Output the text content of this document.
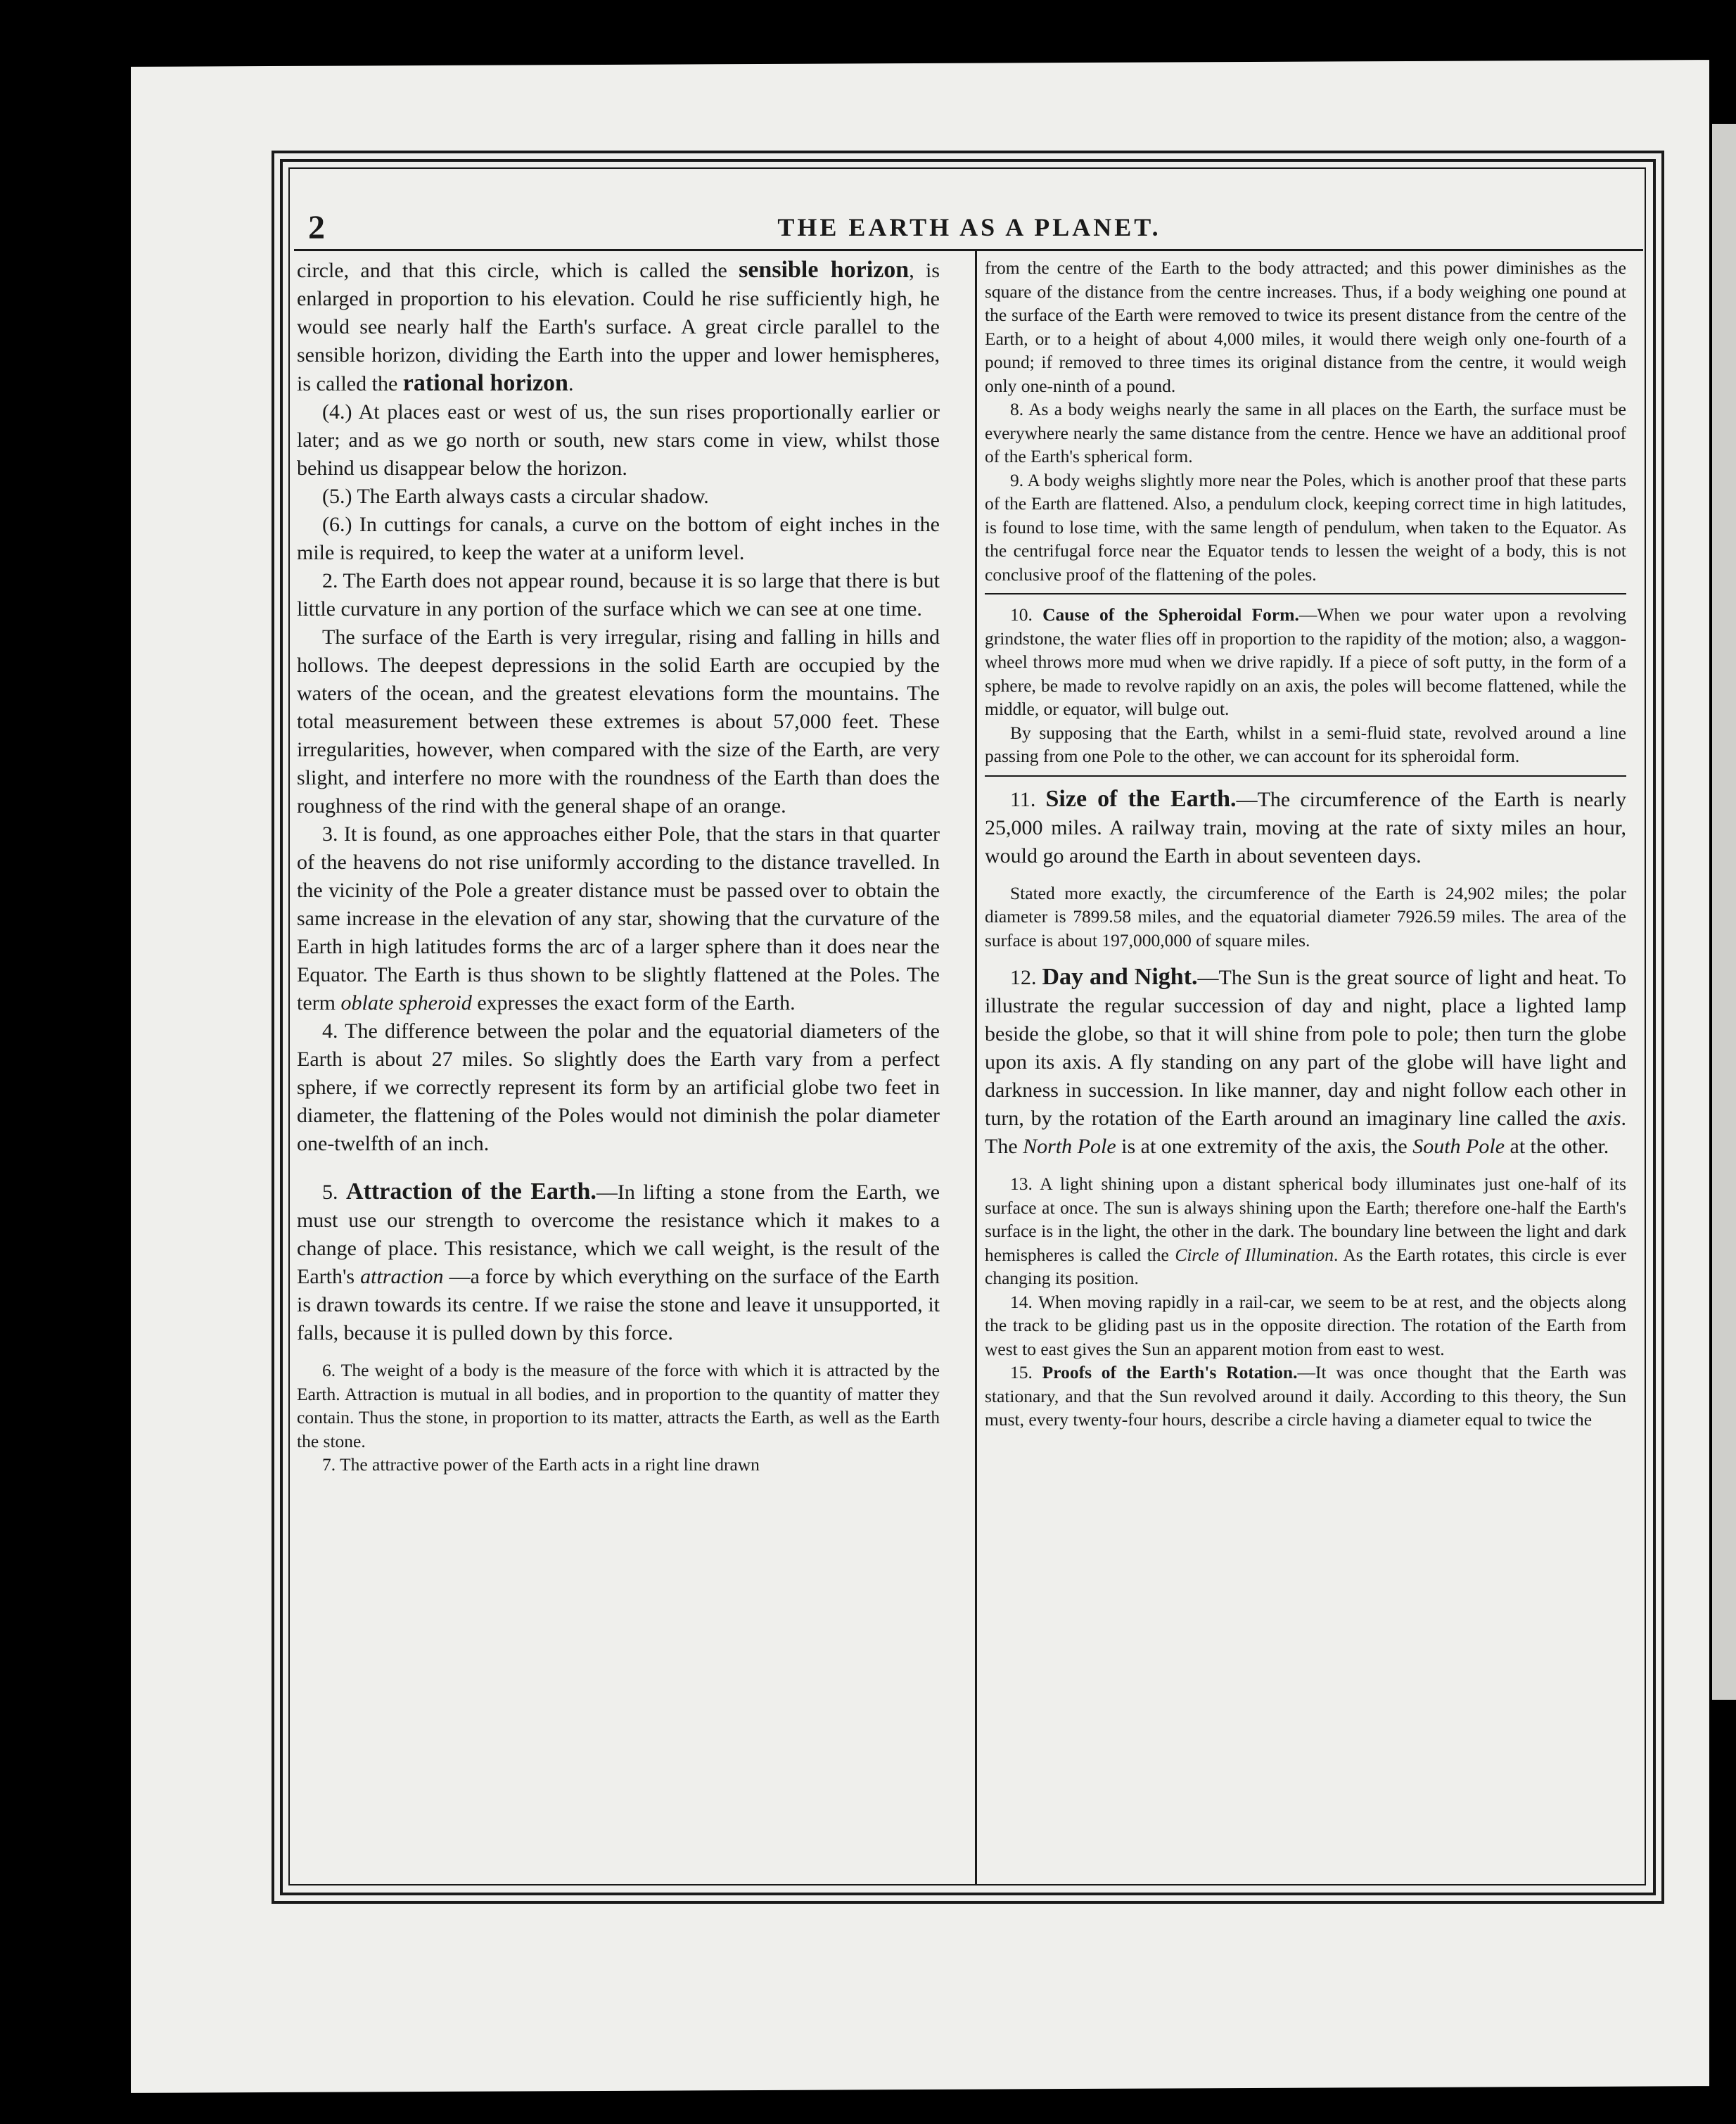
2	THE EARTH AS A PLANET.

circle, and that this circle, which is called the sensible horizon, is enlarged in proportion to his elevation. Could he rise sufficiently high, he would see nearly half the Earth's surface. A great circle parallel to the sensible horizon, dividing the Earth into the upper and lower hemispheres, is called the rational horizon.

(4.) At places east or west of us, the sun rises proportionally earlier or later; and as we go north or south, new stars come in view, whilst those behind us disappear below the horizon.

(5.) The Earth always casts a circular shadow.

(6.) In cuttings for canals, a curve on the bottom of eight inches in the mile is required, to keep the water at a uniform level.

2. The Earth does not appear round, because it is so large that there is but little curvature in any portion of the surface which we can see at one time.

The surface of the Earth is very irregular, rising and falling in hills and hollows. The deepest depressions in the solid Earth are occupied by the waters of the ocean, and the greatest elevations form the mountains. The total measurement between these extremes is about 57,000 feet. These irregularities, however, when compared with the size of the Earth, are very slight, and interfere no more with the roundness of the Earth than does the roughness of the rind with the general shape of an orange.

3. It is found, as one approaches either Pole, that the stars in that quarter of the heavens do not rise uniformly according to the distance travelled. In the vicinity of the Pole a greater distance must be passed over to obtain the same increase in the elevation of any star, showing that the curvature of the Earth in high latitudes forms the arc of a larger sphere than it does near the Equator. The Earth is thus shown to be slightly flattened at the Poles. The term oblate spheroid expresses the exact form of the Earth.

4. The difference between the polar and the equatorial diameters of the Earth is about 27 miles. So slightly does the Earth vary from a perfect sphere, if we correctly represent its form by an artificial globe two feet in diameter, the flattening of the Poles would not diminish the polar diameter one-twelfth of an inch.

5. Attraction of the Earth.—In lifting a stone from the Earth, we must use our strength to overcome the resistance which it makes to a change of place. This resistance, which we call weight, is the result of the Earth's attraction —a force by which everything on the surface of the Earth is drawn towards its centre. If we raise the stone and leave it unsupported, it falls, because it is pulled down by this force.

6. The weight of a body is the measure of the force with which it is attracted by the Earth. Attraction is mutual in all bodies, and in proportion to the quantity of matter they contain. Thus the stone, in proportion to its matter, attracts the Earth, as well as the Earth the stone.

7. The attractive power of the Earth acts in a right line drawn

from the centre of the Earth to the body attracted; and this power diminishes as the square of the distance from the centre increases. Thus, if a body weighing one pound at the surface of the Earth were removed to twice its present distance from the centre of the Earth, or to a height of about 4,000 miles, it would there weigh only one-fourth of a pound; if removed to three times its original distance from the centre, it would weigh only one-ninth of a pound.

8. As a body weighs nearly the same in all places on the Earth, the surface must be everywhere nearly the same distance from the centre. Hence we have an additional proof of the Earth's spherical form.

9. A body weighs slightly more near the Poles, which is another proof that these parts of the Earth are flattened. Also, a pendulum clock, keeping correct time in high latitudes, is found to lose time, with the same length of pendulum, when taken to the Equator. As the centrifugal force near the Equator tends to lessen the weight of a body, this is not conclusive proof of the flattening of the poles.

10. Cause of the Spheroidal Form.—When we pour water upon a revolving grindstone, the water flies off in proportion to the rapidity of the motion; also, a waggon-wheel throws more mud when we drive rapidly. If a piece of soft putty, in the form of a sphere, be made to revolve rapidly on an axis, the poles will become flattened, while the middle, or equator, will bulge out.

By supposing that the Earth, whilst in a semi-fluid state, revolved around a line passing from one Pole to the other, we can account for its spheroidal form.

11. Size of the Earth.—The circumference of the Earth is nearly 25,000 miles. A railway train, moving at the rate of sixty miles an hour, would go around the Earth in about seventeen days.

Stated more exactly, the circumference of the Earth is 24,902 miles; the polar diameter is 7899.58 miles, and the equatorial diameter 7926.59 miles. The area of the surface is about 197,000,000 of square miles.

12. Day and Night.—The Sun is the great source of light and heat. To illustrate the regular succession of day and night, place a lighted lamp beside the globe, so that it will shine from pole to pole; then turn the globe upon its axis. A fly standing on any part of the globe will have light and darkness in succession. In like manner, day and night follow each other in turn, by the rotation of the Earth around an imaginary line called the axis. The North Pole is at one extremity of the axis, the South Pole at the other.

13. A light shining upon a distant spherical body illuminates just one-half of its surface at once. The sun is always shining upon the Earth; therefore one-half the Earth's surface is in the light, the other in the dark. The boundary line between the light and dark hemispheres is called the Circle of Illumination. As the Earth rotates, this circle is ever changing its position.

14. When moving rapidly in a rail-car, we seem to be at rest, and the objects along the track to be gliding past us in the opposite direction. The rotation of the Earth from west to east gives the Sun an apparent motion from east to west.

15. Proofs of the Earth's Rotation.—It was once thought that the Earth was stationary, and that the Sun revolved around it daily. According to this theory, the Sun must, every twenty-four hours, describe a circle having a diameter equal to twice the
